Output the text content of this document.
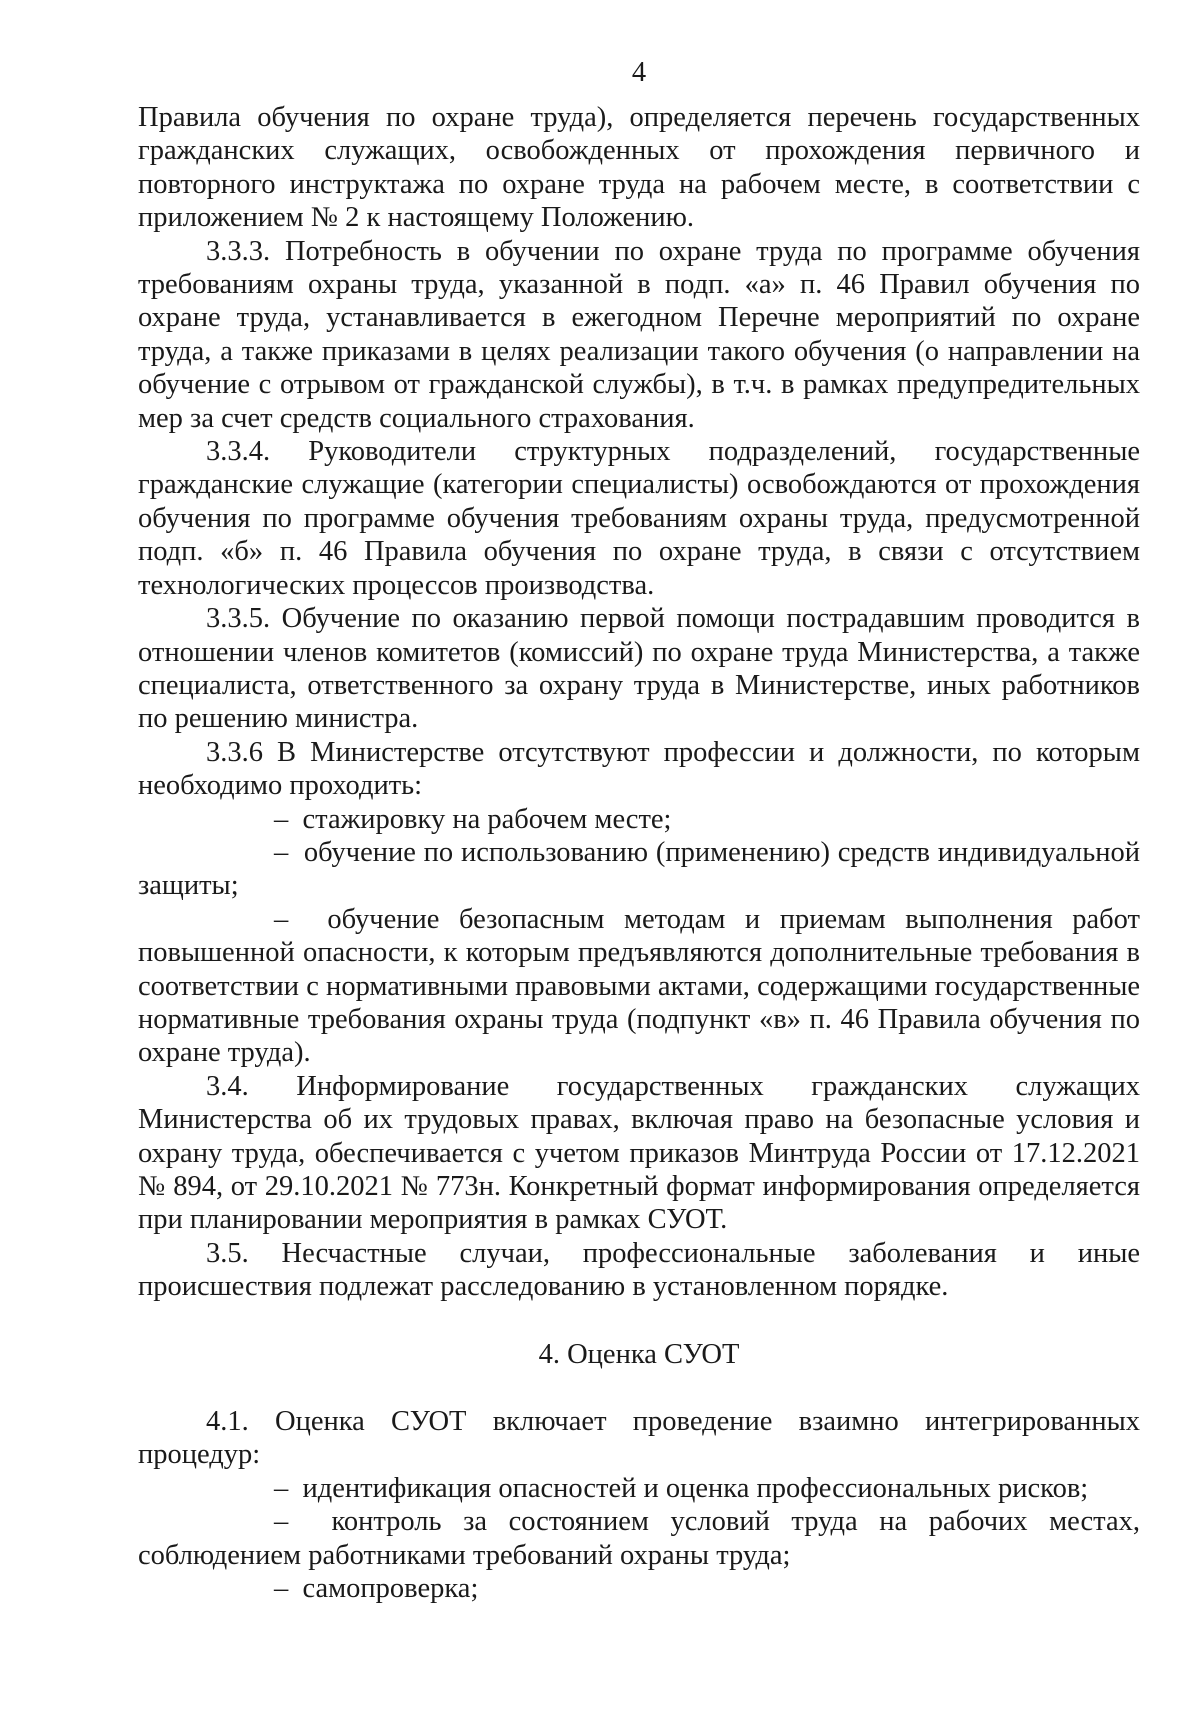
4

Правила обучения по охране труда), определяется перечень государственных гражданских служащих, освобожденных от прохождения первичного и повторного инструктажа по охране труда на рабочем месте, в соответствии с приложением № 2 к настоящему Положению.

3.3.3. Потребность в обучении по охране труда по программе обучения требованиям охраны труда, указанной в подп. «а» п. 46 Правил обучения по охране труда, устанавливается в ежегодном Перечне мероприятий по охране труда, а также приказами в целях реализации такого обучения (о направлении на обучение с отрывом от гражданской службы), в т.ч. в рамках предупредительных мер за счет средств социального страхования.

3.3.4. Руководители структурных подразделений, государственные гражданские служащие (категории специалисты) освобождаются от прохождения обучения по программе обучения требованиям охраны труда, предусмотренной подп. «б» п. 46 Правила обучения по охране труда, в связи с отсутствием технологических процессов производства.

3.3.5. Обучение по оказанию первой помощи пострадавшим проводится в отношении членов комитетов (комиссий) по охране труда Министерства, а также специалиста, ответственного за охрану труда в Министерстве, иных работников по решению министра.

3.3.6 В Министерстве отсутствуют профессии и должности, по которым необходимо проходить:

– стажировку на рабочем месте;

– обучение по использованию (применению) средств индивидуальной защиты;

– обучение безопасным методам и приемам выполнения работ повышенной опасности, к которым предъявляются дополнительные требования в соответствии с нормативными правовыми актами, содержащими государственные нормативные требования охраны труда (подпункт «в» п. 46 Правила обучения по охране труда).

3.4. Информирование государственных гражданских служащих Министерства об их трудовых правах, включая право на безопасные условия и охрану труда, обеспечивается с учетом приказов Минтруда России от 17.12.2021 № 894, от 29.10.2021 № 773н. Конкретный формат информирования определяется при планировании мероприятия в рамках СУОТ.

3.5. Несчастные случаи, профессиональные заболевания и иные происшествия подлежат расследованию в установленном порядке.

4. Оценка СУОТ

4.1. Оценка СУОТ включает проведение взаимно интегрированных процедур:

– идентификация опасностей и оценка профессиональных рисков;

– контроль за состоянием условий труда на рабочих местах, соблюдением работниками требований охраны труда;

– самопроверка;
